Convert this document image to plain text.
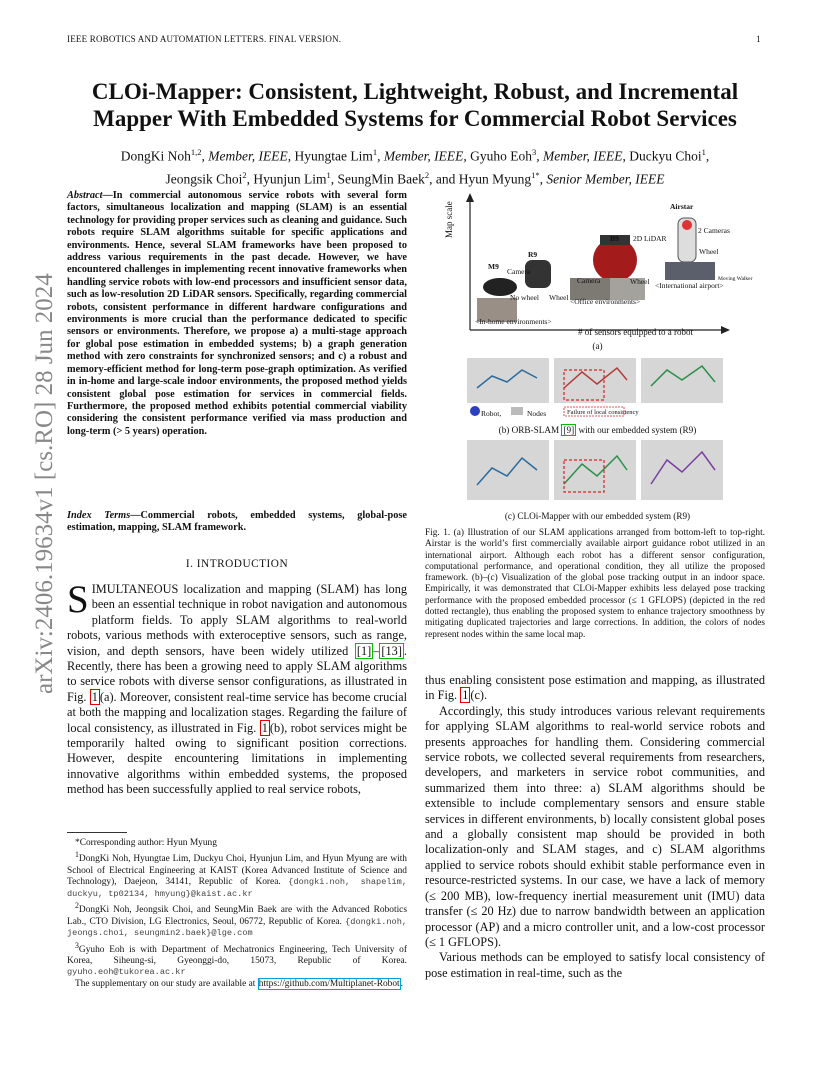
IEEE ROBOTICS AND AUTOMATION LETTERS. FINAL VERSION.	1
arXiv:2406.19634v1 [cs.RO] 28 Jun 2024
CLOi-Mapper: Consistent, Lightweight, Robust, and Incremental Mapper With Embedded Systems for Commercial Robot Services
DongKi Noh$^{1,2}$, Member, IEEE, Hyungtae Lim$^1$, Member, IEEE, Gyuho Eoh$^3$, Member, IEEE, Duckyu Choi$^1$,
Jeongsik Choi$^2$, Hyunjun Lim$^1$, SeungMin Baek$^2$, and Hyun Myung$^{1*}$, Senior Member, IEEE
Abstract—In commercial autonomous service robots with several form factors, simultaneous localization and mapping (SLAM) is an essential technology for providing proper services such as cleaning and guidance. Such robots require SLAM algorithms suitable for specific applications and environments. Hence, several SLAM frameworks have been proposed to address various requirements in the past decade. However, we have encountered challenges in implementing recent innovative frameworks when handling service robots with low-end processors and insufficient sensor data, such as low-resolution 2D LiDAR sensors. Specifically, regarding commercial robots, consistent performance in different hardware configurations and environments is more crucial than the performance dedicated to specific sensors or environments. Therefore, we propose a) a multi-stage approach for global pose estimation in embedded systems; b) a graph generation method with zero constraints for synchronized sensors; and c) a robust and memory-efficient method for long-term pose-graph optimization. As verified in in-home and large-scale indoor environments, the proposed method yields consistent global pose estimation for services in commercial fields. Furthermore, the proposed method exhibits potential commercial viability considering the consistent performance verified via mass production and long-term (> 5 years) operation.
Index Terms—Commercial robots, embedded systems, global-pose estimation, mapping, SLAM framework.
I. INTRODUCTION
SIMULTANEOUS localization and mapping (SLAM) has long been an essential technique in robot navigation and autonomous platform fields. To apply SLAM algorithms to real-world robots, various methods with exteroceptive sensors, such as range, vision, and depth sensors, have been widely utilized [1] – [13] . Recently, there has been a growing need to apply SLAM algorithms to service robots with diverse sensor configurations, as illustrated in Fig. 1 (a). Moreover, consistent real-time service has become crucial at both the mapping and localization stages. Regarding the failure of local consistency, as illustrated in Fig. 1 (b), robot services might be temporarily halted owing to significant position corrections. However, despite encountering limitations in implementing innovative algorithms within embedded systems, the proposed method has been successfully applied to real service robots,
*Corresponding author: Hyun Myung
$^1$DongKi Noh, Hyungtae Lim, Duckyu Choi, Hyunjun Lim, and Hyun Myung are with School of Electrical Engineering at KAIST (Korea Advanced Institute of Science and Technology), Daejeon, 34141, Republic of Korea. {dongki.noh, shapelim, duckyu, tp02134, hmyung}@kaist.ac.kr
$^2$DongKi Noh, Jeongsik Choi, and SeungMin Baek are with the Advanced Robotics Lab., CTO Division, LG Electronics, Seoul, 06772, Republic of Korea. {dongki.noh, jeongs.choi, seungmin2.baek}@lge.com
$^3$Gyuho Eoh is with Department of Mechatronics Engineering, Tech University of Korea, Siheung-si, Gyeonggi-do, 15073, Republic of Korea. gyuho.eoh@tukorea.ac.kr
The supplementary on our study are available at https://github.com/Multiplanet-Robot.
Map scale
# of sensors equipped to a robot
M9
R9
B9
Airstar
Camera
No wheel Wheel
Camera	Wheel
2D LiDAR
2 Cameras
Wheel
Moving Walker
<In-home environments>
<Office environments>
<International airport>
(a)
Robot,	Nodes	Failure of local consistency
(b) ORB-SLAM [9] with our embedded system (R9)
(c) CLOi-Mapper with our embedded system (R9)
Fig. 1. (a) Illustration of our SLAM applications arranged from bottom-left to top-right. Airstar is the world’s first commercially available airport guidance robot utilized in an international airport. Although each robot has a different sensor configuration, computational performance, and operational condition, they all utilize the proposed framework. (b)–(c) Visualization of the global pose tracking output in an indoor space. Empirically, it was demonstrated that CLOi-Mapper exhibits less delayed pose tracking performance with the proposed embedded processor (≤ 1 GFLOPS) (depicted in the red dotted rectangle), thus enabling the proposed system to enhance trajectory smoothness by mitigating duplicated trajectories and large corrections. In addition, the colors of nodes represent nodes within the same local map.

thus enabling consistent pose estimation and mapping, as illustrated in Fig. 1 (c).

Accordingly, this study introduces various relevant requirements for applying SLAM algorithms to real-world service robots and presents approaches for handling them. Considering commercial service robots, we collected several requirements from researchers, developers, and marketers in service robot communities, and summarized them into three: a) SLAM algorithms should be extensible to include complementary sensors and ensure stable services in different environments, b) locally consistent global poses and a globally consistent map should be provided in both localization-only and SLAM stages, and c) SLAM algorithms applied to service robots should exhibit stable performance even in resource-restricted systems. In our case, we have a lack of memory (≤ 200 MB), low-frequency inertial measurement unit (IMU) data transfer (≤ 20 Hz) due to narrow bandwidth between an application processor (AP) and a micro controller unit, and a low-cost processor (≤ 1 GFLOPS).

Various methods can be employed to satisfy local consistency of pose estimation in real-time, such as the
